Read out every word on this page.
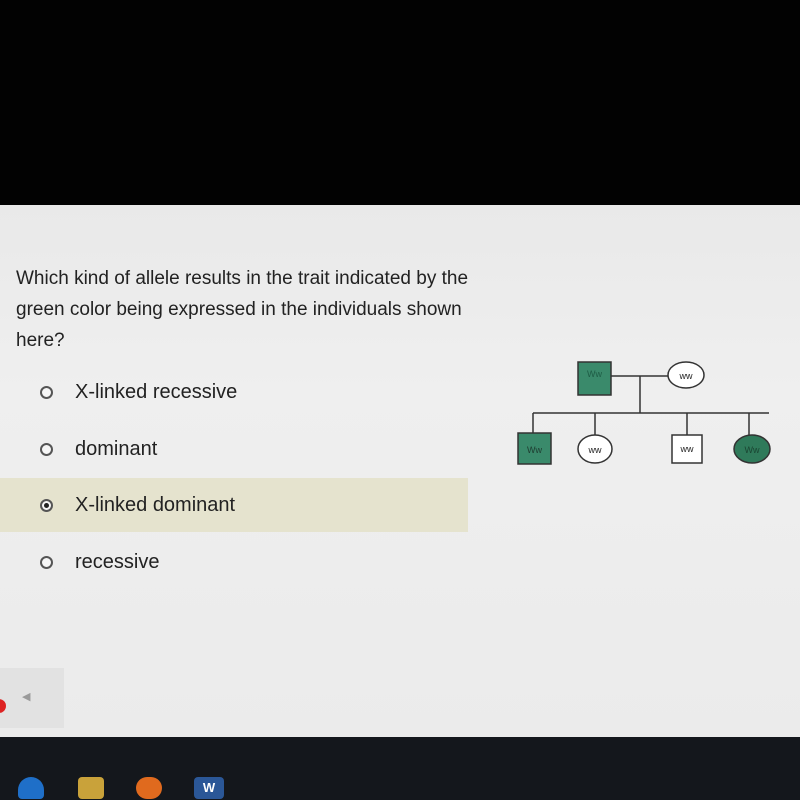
Which kind of allele results in the trait indicated by the green color being expressed in the individuals shown here?

X-linked recessive
dominant
X-linked dominant
recessive
Ww	ww
Ww	ww	ww	Ww
◀
W
